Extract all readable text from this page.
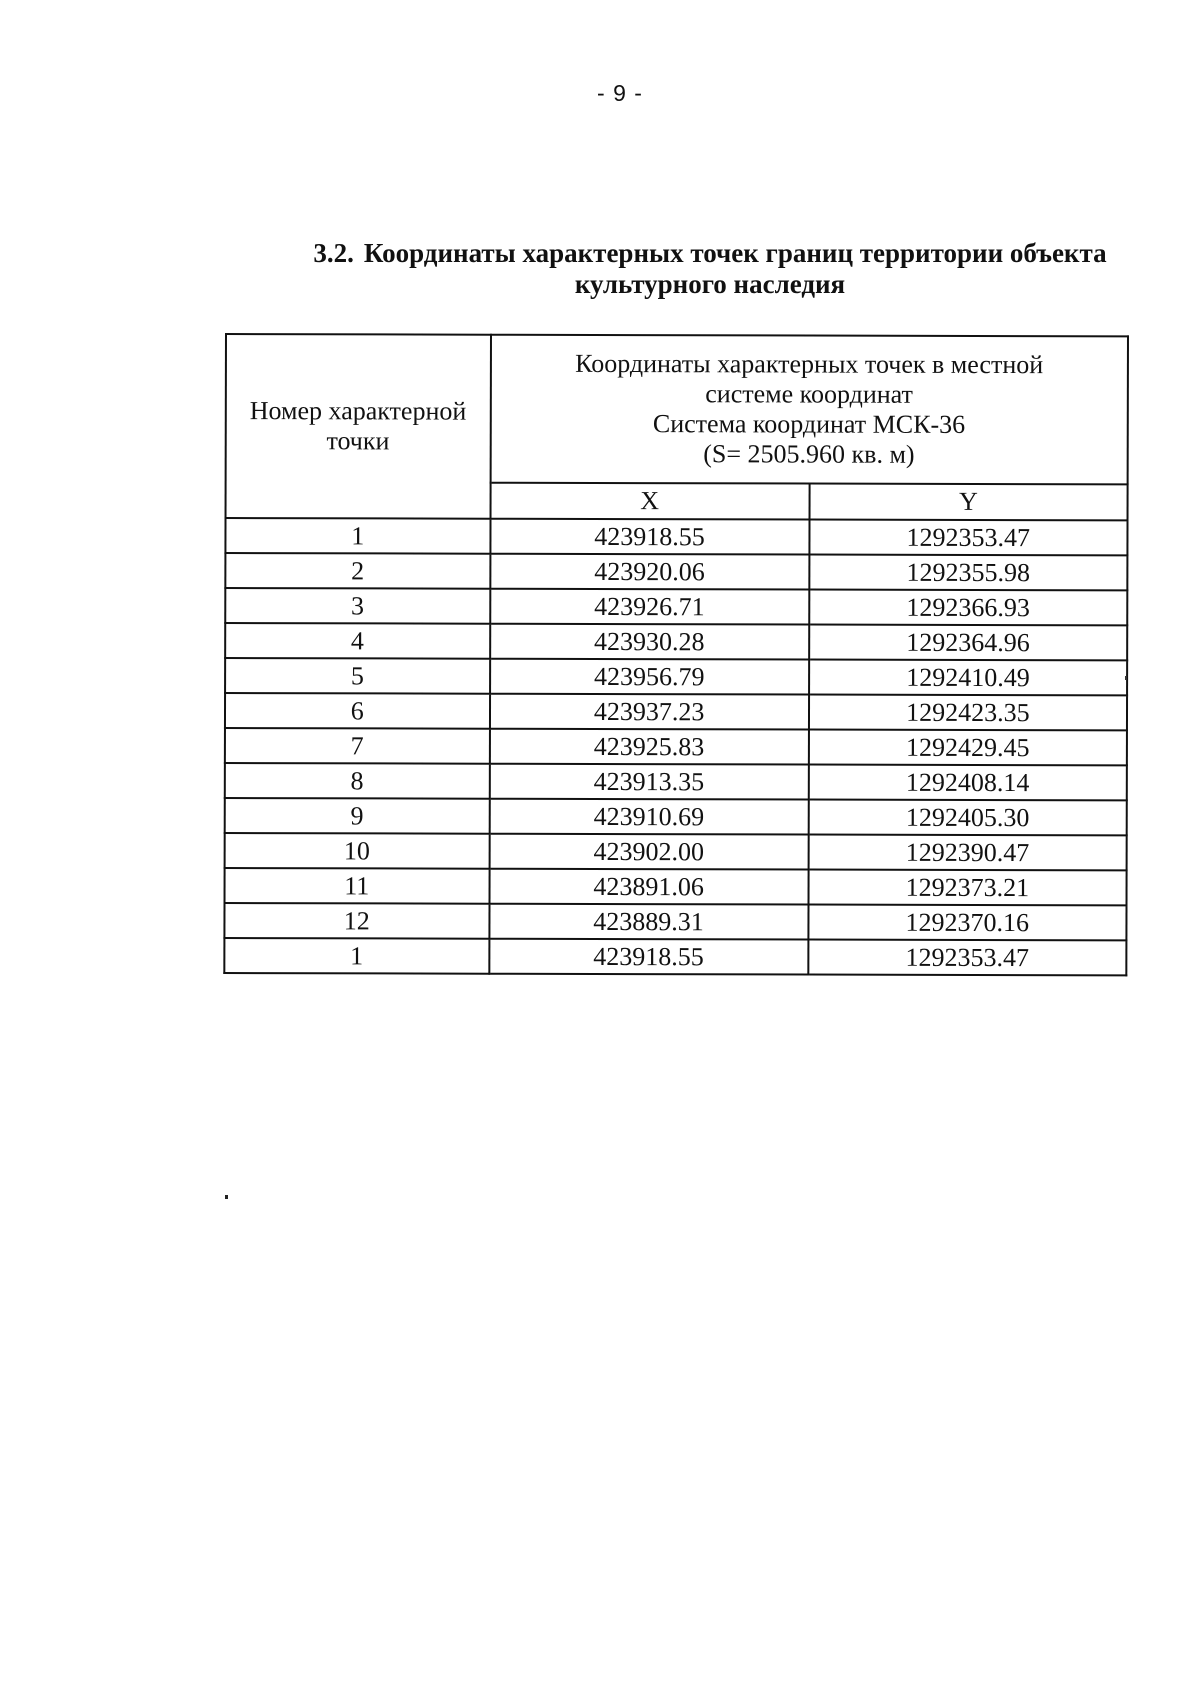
- 9 -
3.2. Координаты характерных точек границ территории объекта
культурного наследия
Номер характерной точки	Координаты характерных точек в местной
системе координат
Система координат МСК-36
(S= 2505.960 кв. м)	

	X	Y
1	423918.55	1292353.47
2	423920.06	1292355.98
3	423926.71	1292366.93
4	423930.28	1292364.96
5	423956.79	1292410.49
6	423937.23	1292423.35
7	423925.83	1292429.45
8	423913.35	1292408.14
9	423910.69	1292405.30
10	423902.00	1292390.47
11	423891.06	1292373.21
12	423889.31	1292370.16
1	423918.55	1292353.47
